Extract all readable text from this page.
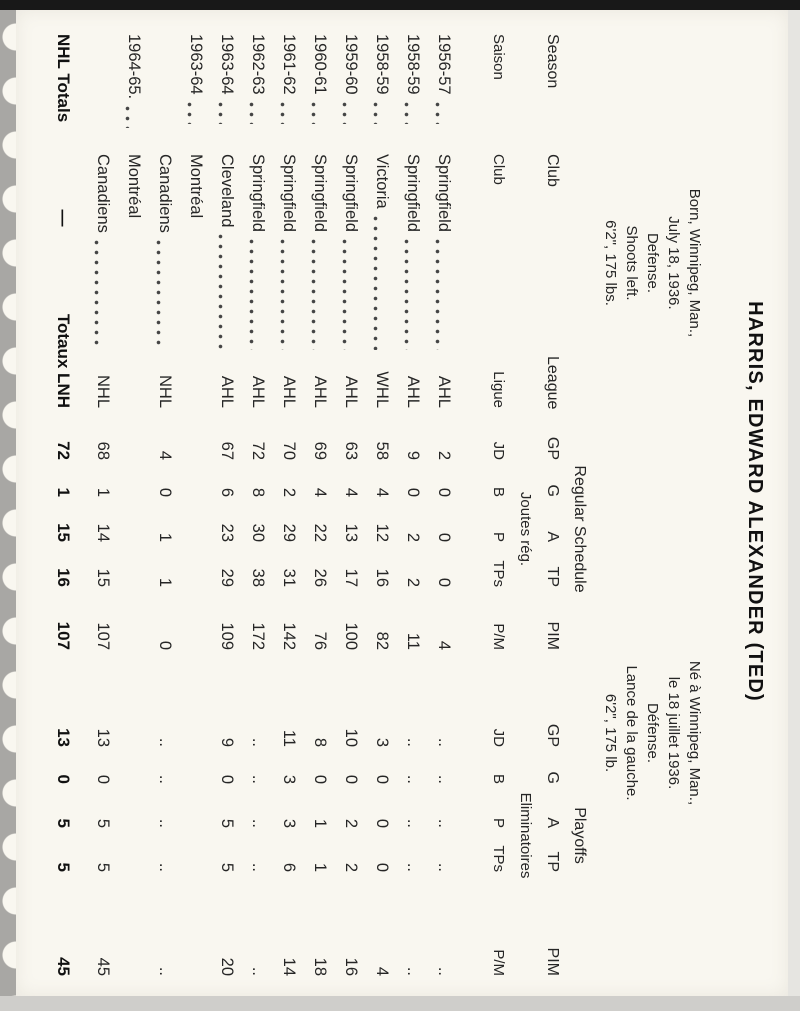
HARRIS, EDWARD ALEXANDER (TED)
Born, Winnipeg, Man.,
July 18, 1936.
Defense.
Shoots left.
6'2", 175 lbs.
Né à Winnipeg, Man.,
le 18 juillet 1936.
Défense.
Lance de la gauche.
6'2", 175 lb.
Regular Schedule
Playoffs
Season
Club
League
GP
G
A
TP
PIM
GP
G
A
TP
PIM
Joutes rég.
Eliminatoires
Saison
Club
Ligue
JD
B
P
TPs
P/M
JD
B
P
TPs
P/M
1956-57
Springfield
AHL
2
0
0
0
4
..
..
..
..
..
1958-59
Springfield
AHL
9
0
2
2
11
..
..
..
..
..
1958-59
Victoria
WHL
58
4
12
16
82
3
0
0
0
4
1959-60
Springfield
AHL
63
4
13
17
100
10
0
2
2
16
1960-61
Springfield
AHL
69
4
22
26
76
8
0
1
1
18
1961-62
Springfield
AHL
70
2
29
31
142
11
3
3
6
14
1962-63
Springfield
AHL
72
8
30
38
172
..
..
..
..
..
1963-64
Cleveland
AHL
67
6
23
29
109
9
0
5
5
20
1963-64
Montréal
Canadiens
NHL
4
0
1
1
0
..
..
..
..
..
1964-65.
Montréal
Canadiens
NHL
68
1
14
15
107
13
0
5
5
45
NHL Totals
—
Totaux LNH
72
1
15
16
107
13
0
5
5
45
